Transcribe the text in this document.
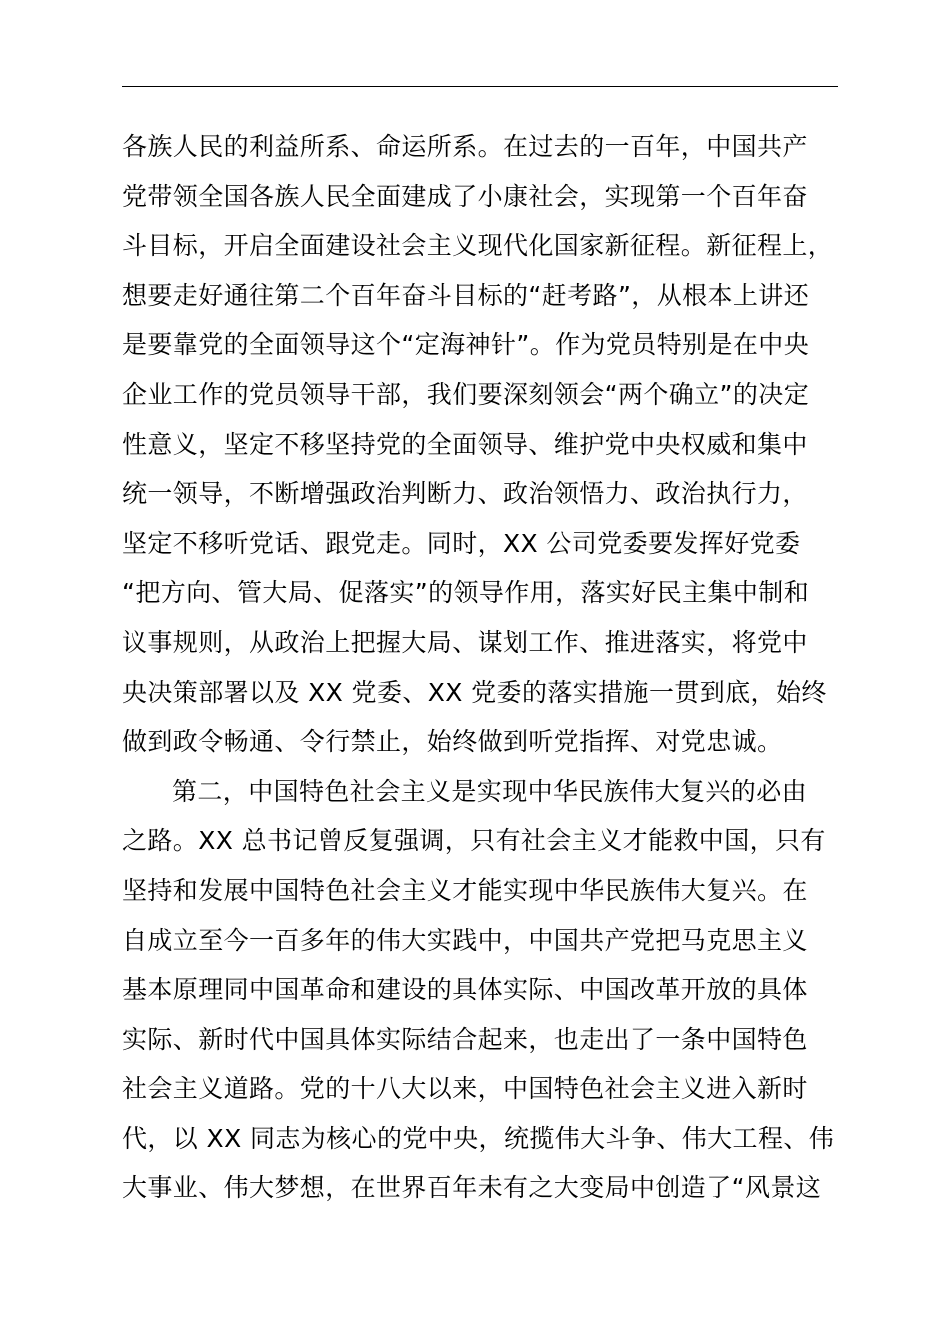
各族人民的利益所系、命运所系。在过去的一百年，中国共产
党带领全国各族人民全面建成了小康社会，实现第一个百年奋
斗目标，开启全面建设社会主义现代化国家新征程。新征程上，
想要走好通往第二个百年奋斗目标的“赶考路”，从根本上讲还
是要靠党的全面领导这个“定海神针”。作为党员特别是在中央
企业工作的党员领导干部，我们要深刻领会“两个确立”的决定
性意义，坚定不移坚持党的全面领导、维护党中央权威和集中
统一领导，不断增强政治判断力、政治领悟力、政治执行力，
坚定不移听党话、跟党走。同时，XX 公司党委要发挥好党委
“把方向、管大局、促落实”的领导作用，落实好民主集中制和
议事规则，从政治上把握大局、谋划工作、推进落实，将党中
央决策部署以及 XX 党委、XX 党委的落实措施一贯到底，始终
做到政令畅通、令行禁止，始终做到听党指挥、对党忠诚。
第二，中国特色社会主义是实现中华民族伟大复兴的必由
之路。XX 总书记曾反复强调，只有社会主义才能救中国，只有
坚持和发展中国特色社会主义才能实现中华民族伟大复兴。在
自成立至今一百多年的伟大实践中，中国共产党把马克思主义
基本原理同中国革命和建设的具体实际、中国改革开放的具体
实际、新时代中国具体实际结合起来，也走出了一条中国特色
社会主义道路。党的十八大以来，中国特色社会主义进入新时
代，以 XX 同志为核心的党中央，统揽伟大斗争、伟大工程、伟
大事业、伟大梦想，在世界百年未有之大变局中创造了“风景这
